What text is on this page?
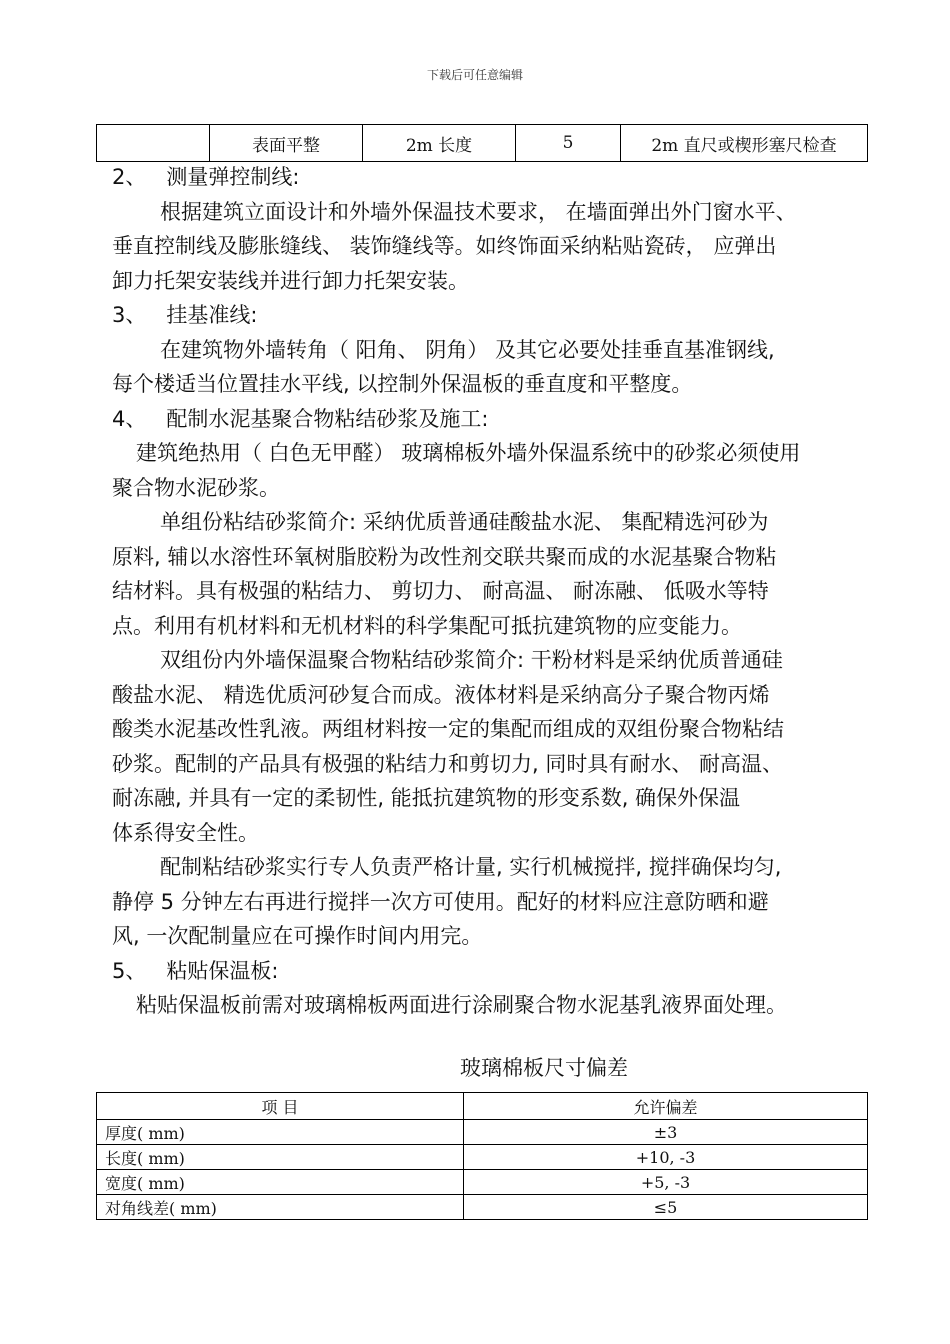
下载后可任意编辑
	表面平整	2m 长度	5	2m 直尺或楔形塞尺检查

2、   测量弹控制线:

根据建筑立面设计和外墙外保温技术要求， 在墙面弹出外门窗水平、

垂直控制线及膨胀缝线、 装饰缝线等。如终饰面采纳粘贴瓷砖， 应弹出

卸力托架安装线并进行卸力托架安装。

3、   挂基准线:

在建筑物外墙转角（ 阳角、 阴角） 及其它必要处挂垂直基准钢线,

每个楼适当位置挂水平线, 以控制外保温板的垂直度和平整度。

4、   配制水泥基聚合物粘结砂浆及施工:

建筑绝热用（ 白色无甲醛） 玻璃棉板外墙外保温系统中的砂浆必须使用

聚合物水泥砂浆。

单组份粘结砂浆简介: 采纳优质普通硅酸盐水泥、 集配精选河砂为

原料, 辅以水溶性环氧树脂胶粉为改性剂交联共聚而成的水泥基聚合物粘

结材料。具有极强的粘结力、 剪切力、 耐高温、 耐冻融、 低吸水等特

点。利用有机材料和无机材料的科学集配可抵抗建筑物的应变能力。

双组份内外墙保温聚合物粘结砂浆简介: 干粉材料是采纳优质普通硅

酸盐水泥、 精选优质河砂复合而成。液体材料是采纳高分子聚合物丙烯

酸类水泥基改性乳液。两组材料按一定的集配而组成的双组份聚合物粘结

砂浆。配制的产品具有极强的粘结力和剪切力, 同时具有耐水、 耐高温、

耐冻融, 并具有一定的柔韧性, 能抵抗建筑物的形变系数, 确保外保温

体系得安全性。

配制粘结砂浆实行专人负责严格计量, 实行机械搅拌, 搅拌确保均匀,

静停 5 分钟左右再进行搅拌一次方可使用。配好的材料应注意防晒和避

风, 一次配制量应在可操作时间内用完。

5、   粘贴保温板:

粘贴保温板前需对玻璃棉板两面进行涂刷聚合物水泥基乳液界面处理。

玻璃棉板尺寸偏差
项 目	允许偏差
厚度( mm)	±3
长度( mm)	+10, -3
宽度( mm)	+5, -3
对角线差( mm)	≤5
